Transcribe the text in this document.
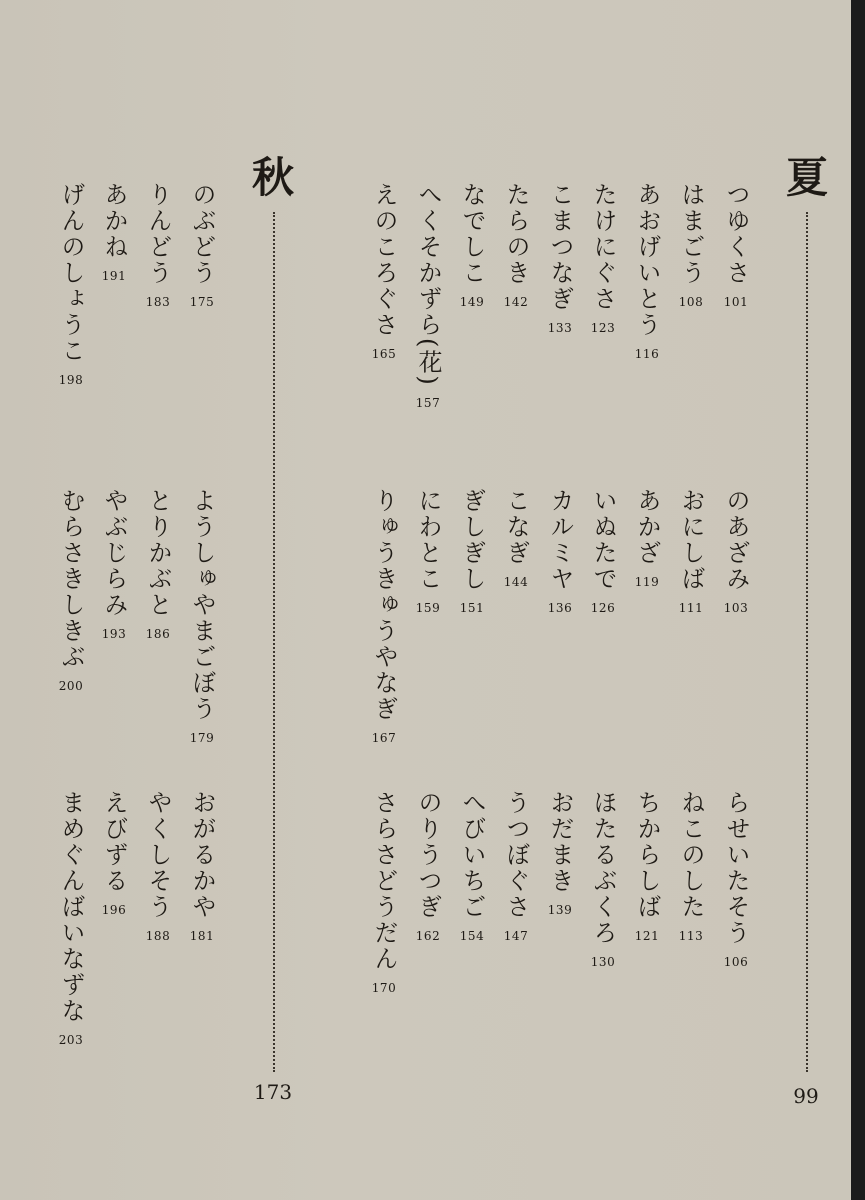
夏
99
秋
173
つゆくさ
101
はまごう
108
あおげいとう
116
たけにぐさ
123
こまつなぎ
133
たらのき
142
なでしこ
149
へくそかずら(花)
157
えのころぐさ
165
のぶどう
175
りんどう
183
あかね
191
げんのしょうこ
198
のあざみ
103
おにしば
111
あかざ
119
いぬたで
126
カルミヤ
136
こなぎ
144
ぎしぎし
151
にわとこ
159
りゅうきゅうやなぎ
167
ようしゅやまごぼう
179
とりかぶと
186
やぶじらみ
193
むらさきしきぶ
200
らせいたそう
106
ねこのした
113
ちからしば
121
ほたるぶくろ
130
おだまき
139
うつぼぐさ
147
へびいちご
154
のりうつぎ
162
さらさどうだん
170
おがるかや
181
やくしそう
188
えびずる
196
まめぐんばいなずな
203
